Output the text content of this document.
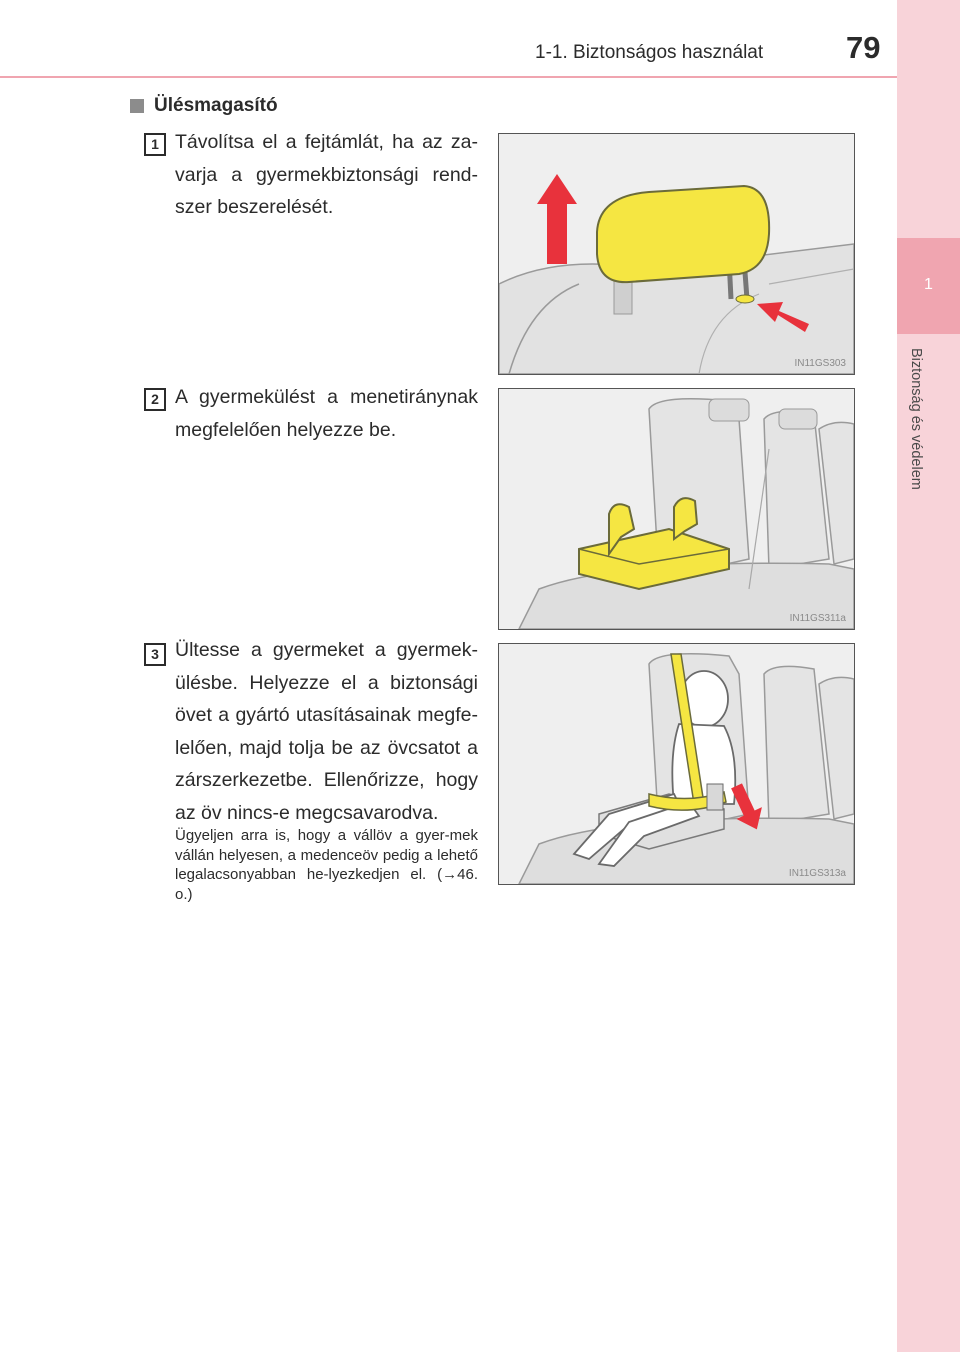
1
Biztonság és védelem
1-1. Biztonságos használat	79
Ülésmagasító
1 Távolítsa el a fejtámlát, ha az za-varja a gyermekbiztonsági rend-szer beszerelését.
IN11GS303
2 A gyermekülést a menetiránynak megfelelően helyezze be.
IN11GS311a
3 Ültesse a gyermeket a gyermek-ülésbe. Helyezze el a biztonsági övet a gyártó utasításainak megfe-lelően, majd tolja be az övcsatot a zárszerkezetbe. Ellenőrizze, hogy az öv nincs-e megcsavarodva.
Ügyeljen arra is, hogy a vállöv a gyer-mek vállán helyesen, a medenceöv pedig a lehető legalacsonyabban he-lyezkedjen el. (→46. o.)
IN11GS313a
